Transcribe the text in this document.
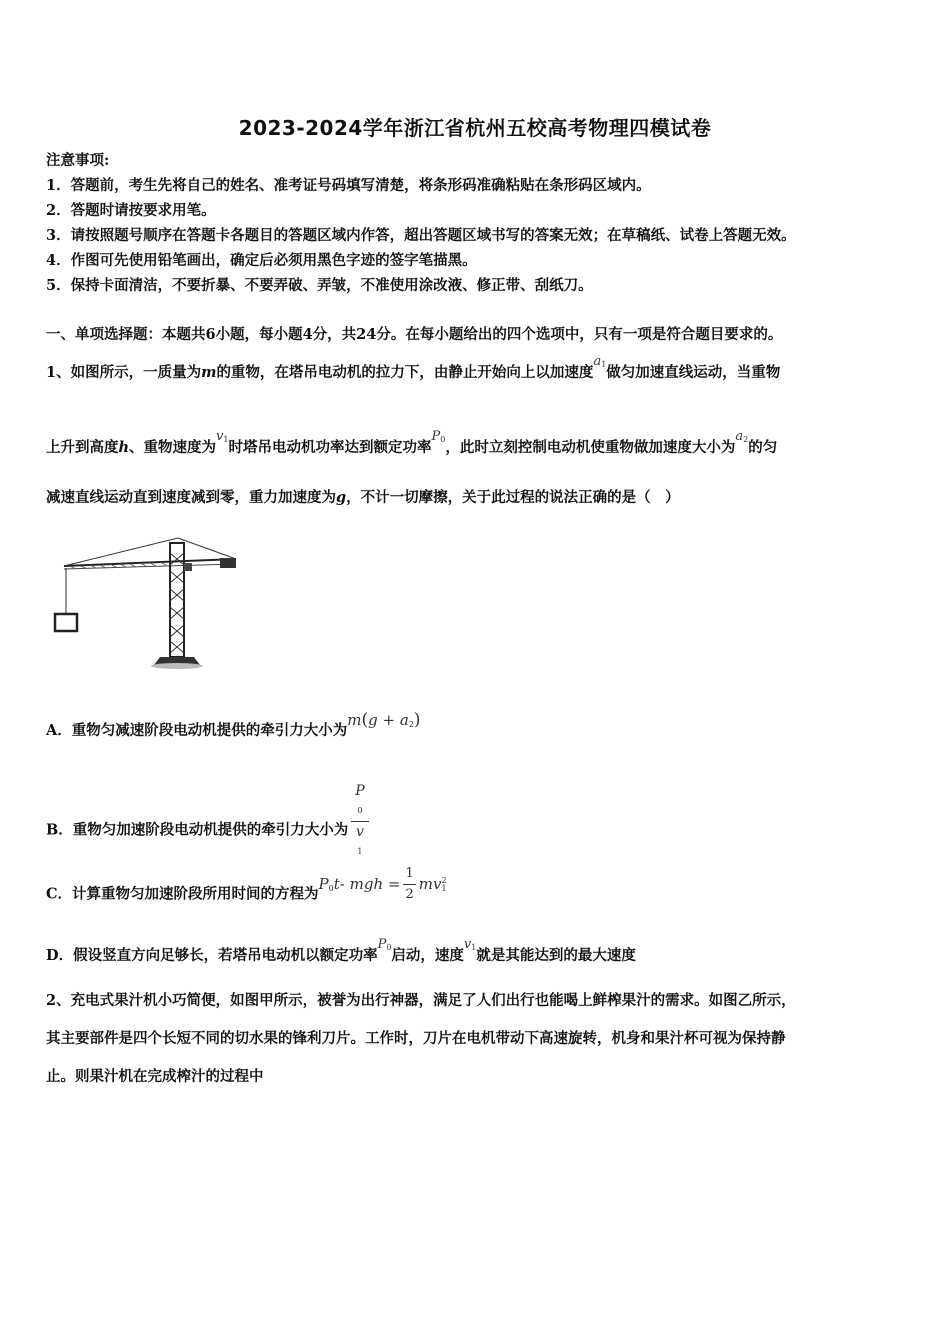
2023-2024学年浙江省杭州五校高考物理四模试卷
注意事项:
1．答题前，考生先将自己的姓名、准考证号码填写清楚，将条形码准确粘贴在条形码区域内。
2．答题时请按要求用笔。
3．请按照题号顺序在答题卡各题目的答题区域内作答，超出答题区域书写的答案无效；在草稿纸、试卷上答题无效。
4．作图可先使用铅笔画出，确定后必须用黑色字迹的签字笔描黑。
5．保持卡面清洁，不要折暴、不要弄破、弄皱，不准使用涂改液、修正带、刮纸刀。
一、单项选择题：本题共6小题，每小题4分，共24分。在每小题给出的四个选项中，只有一项是符合题目要求的。
1、如图所示，一质量为m的重物，在塔吊电动机的拉力下，由静止开始向上以加速度$a_1$做匀加速直线运动，当重物
上升到高度h、重物速度为$v_1$时塔吊电动机功率达到额定功率$P_0$，此时立刻控制电动机使重物做加速度大小为$a_2$的匀
减速直线运动直到速度减到零，重力加速度为g，不计一切摩擦，关于此过程的说法正确的是（　）
A．重物匀减速阶段电动机提供的牵引力大小为$m(g + a_2)$
B．重物匀加速阶段电动机提供的牵引力大小为 P
0
v
1
C．计算重物匀加速阶段所用时间的方程为$P_0t-$ mgh = $\frac{1}{2}$ mv 2
1
D．假设竖直方向足够长，若塔吊电动机以额定功率$P_0$启动，速度$v_1$就是其能达到的最大速度
2、充电式果汁机小巧简便，如图甲所示，被誉为出行神器，满足了人们出行也能喝上鲜榨果汁的需求。如图乙所示，
其主要部件是四个长短不同的切水果的锋利刀片。工作时，刀片在电机带动下高速旋转，机身和果汁杯可视为保持静
止。则果汁机在完成榨汁的过程中
